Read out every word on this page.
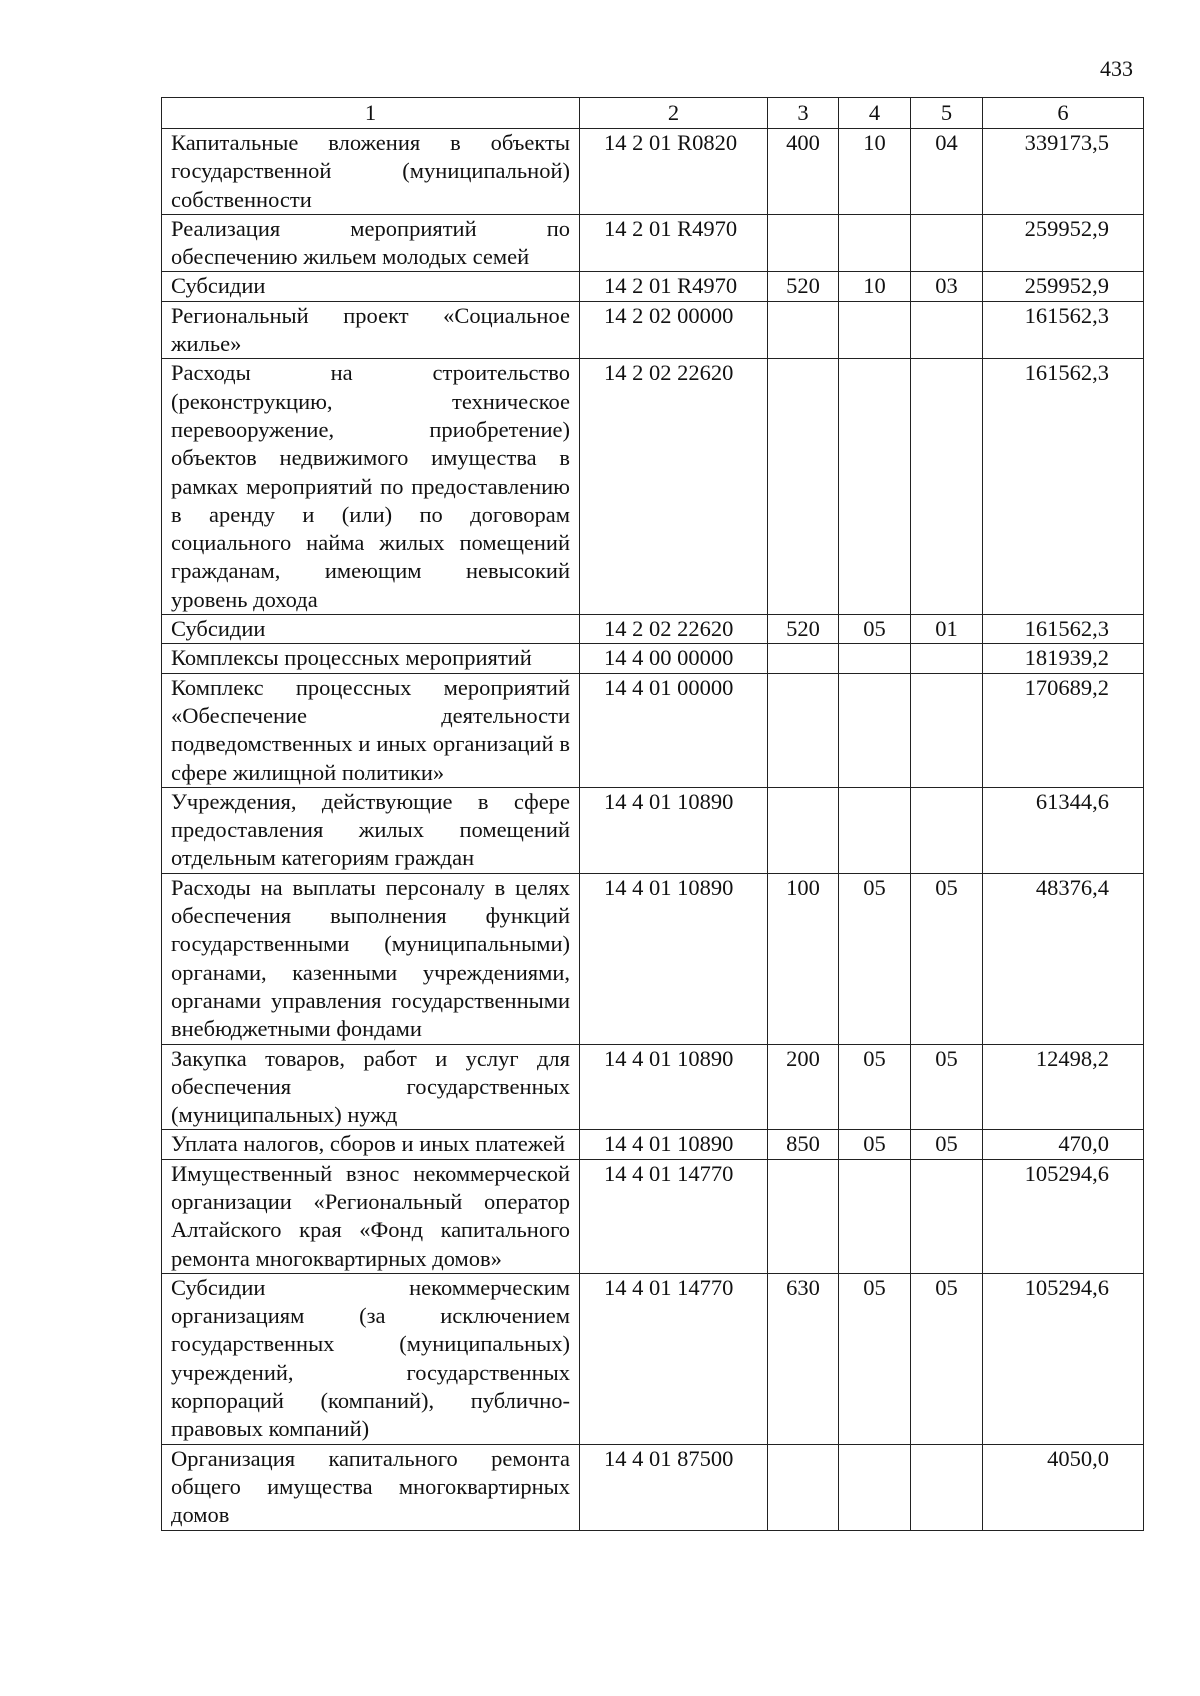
433
1	2	3	4	5	6
Капитальные вложения в объекты государственной (муниципальной) собственности	14 2 01 R0820	400	10	04	339173,5
Реализация мероприятий по обеспечению жильем молодых семей	14 2 01 R4970				259952,9
Субсидии	14 2 01 R4970	520	10	03	259952,9
Региональный проект «Социальное жилье»	14 2 02 00000				161562,3
Расходы на строительство (реконструкцию, техническое перевооружение, приобретение) объектов недвижимого имущества в рамках мероприятий по предоставлению в аренду и (или) по договорам социального найма жилых помещений гражданам, имеющим невысокий уровень дохода	14 2 02 22620				161562,3
Субсидии	14 2 02 22620	520	05	01	161562,3
Комплексы процессных мероприятий	14 4 00 00000				181939,2
Комплекс процессных мероприятий «Обеспечение деятельности подведомственных и иных организаций в сфере жилищной политики»	14 4 01 00000				170689,2
Учреждения, действующие в сфере предоставления жилых помещений отдельным категориям граждан	14 4 01 10890				61344,6
Расходы на выплаты персоналу в целях обеспечения выполнения функций государственными (муниципальными) органами, казенными учреждениями, органами управления государственными внебюджетными фондами	14 4 01 10890	100	05	05	48376,4
Закупка товаров, работ и услуг для обеспечения государственных (муниципальных) нужд	14 4 01 10890	200	05	05	12498,2
Уплата налогов, сборов и иных платежей	14 4 01 10890	850	05	05	470,0
Имущественный взнос некоммерческой организации «Региональный оператор Алтайского края «Фонд капитального ремонта многоквартирных домов»	14 4 01 14770				105294,6
Субсидии некоммерческим организациям (за исключением государственных (муниципальных) учреждений, государственных корпораций (компаний), публично-правовых компаний)	14 4 01 14770	630	05	05	105294,6
Организация капитального ремонта общего имущества многоквартирных домов	14 4 01 87500				4050,0
